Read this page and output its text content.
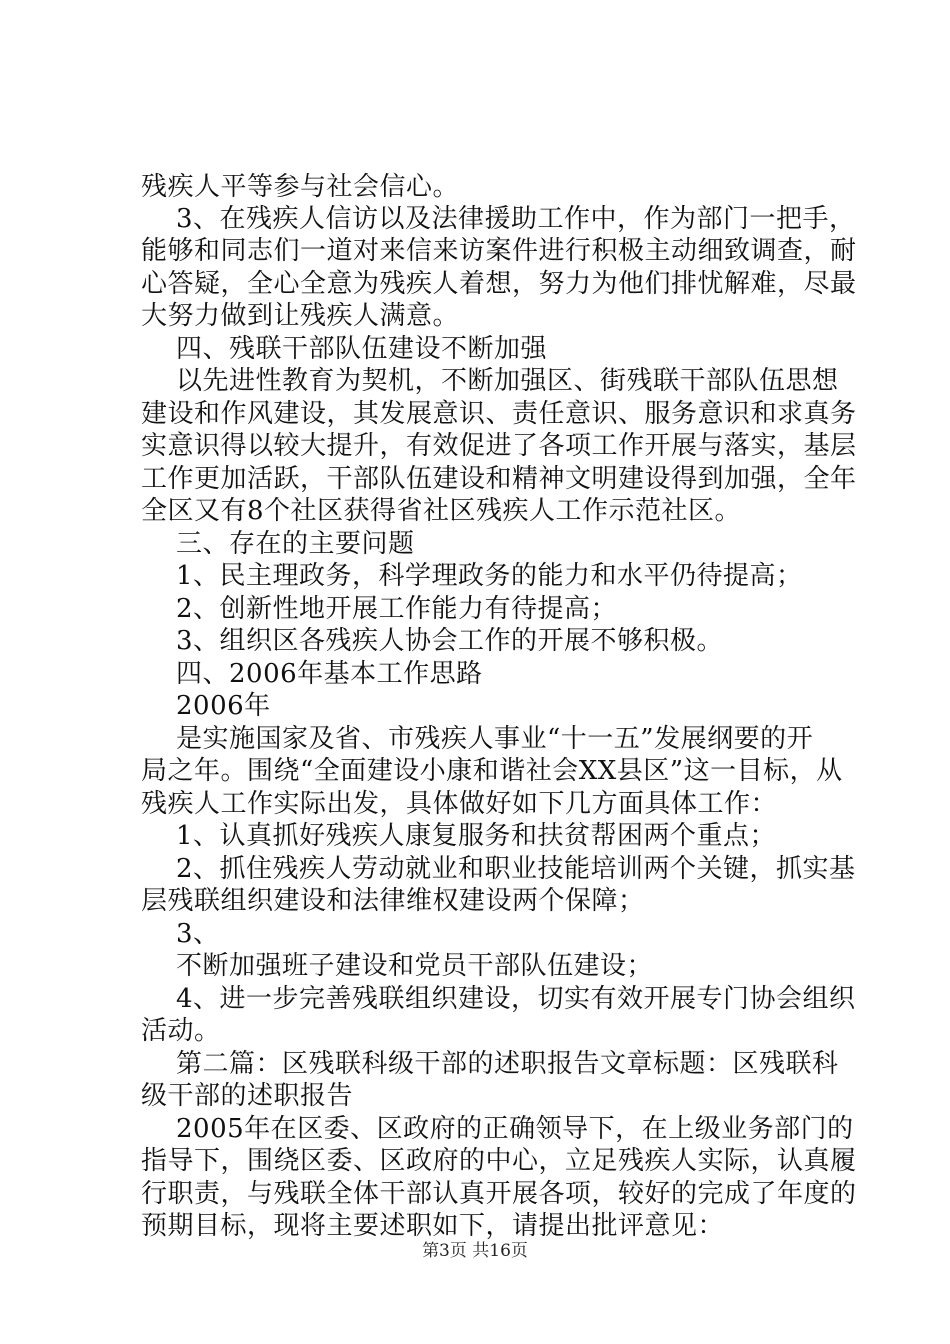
残疾人平等参与社会信心。
3、在残疾人信访以及法律援助工作中，作为部门一把手，
能够和同志们一道对来信来访案件进行积极主动细致调查，耐
心答疑，全心全意为残疾人着想，努力为他们排忧解难，尽最
大努力做到让残疾人满意。
四、残联干部队伍建设不断加强
以先进性教育为契机，不断加强区、街残联干部队伍思想
建设和作风建设，其发展意识、责任意识、服务意识和求真务
实意识得以较大提升，有效促进了各项工作开展与落实，基层
工作更加活跃，干部队伍建设和精神文明建设得到加强，全年
全区又有8个社区获得省社区残疾人工作示范社区。
三、存在的主要问题
1、民主理政务，科学理政务的能力和水平仍待提高；
2、创新性地开展工作能力有待提高；
3、组织区各残疾人协会工作的开展不够积极。
四、2006年基本工作思路
2006年
是实施国家及省、市残疾人事业“十一五”发展纲要的开
局之年。围绕“全面建设小康和谐社会XX县区”这一目标，从
残疾人工作实际出发，具体做好如下几方面具体工作：
1、认真抓好残疾人康复服务和扶贫帮困两个重点；
2、抓住残疾人劳动就业和职业技能培训两个关键，抓实基
层残联组织建设和法律维权建设两个保障；
3、
不断加强班子建设和党员干部队伍建设；
4、进一步完善残联组织建设，切实有效开展专门协会组织
活动。
第二篇：区残联科级干部的述职报告文章标题：区残联科
级干部的述职报告
2005年在区委、区政府的正确领导下，在上级业务部门的
指导下，围绕区委、区政府的中心，立足残疾人实际，认真履
行职责，与残联全体干部认真开展各项，较好的完成了年度的
预期目标，现将主要述职如下，请提出批评意见：
第3页 共16页
